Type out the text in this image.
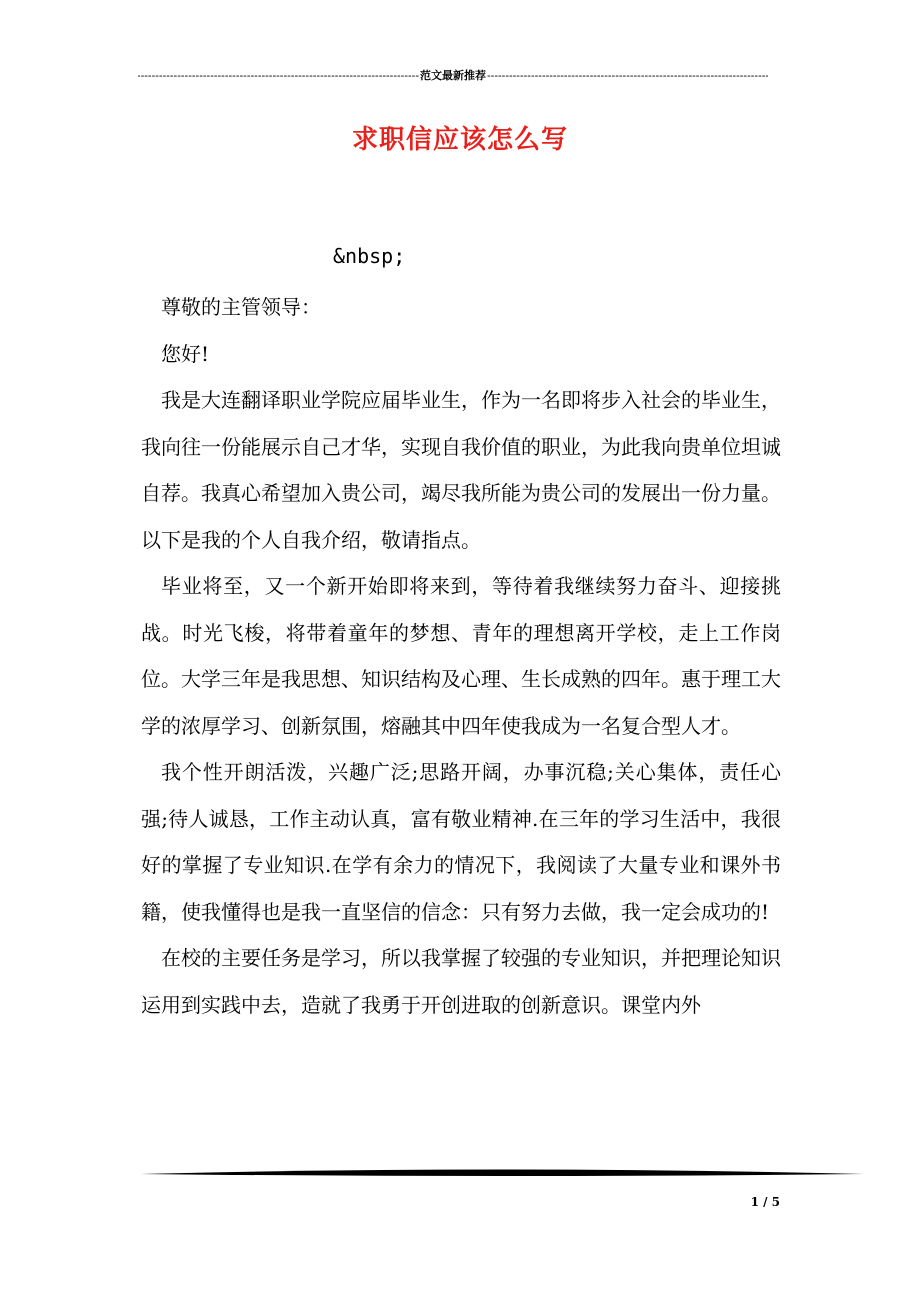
-----
范文最新推荐
-----
求职信应该怎么写
&nbsp;

尊敬的主管领导：

您好!

我是大连翻译职业学院应届毕业生，作为一名即将步入社会的毕业生，我向往一份能展示自己才华，实现自我价值的职业，为此我向贵单位坦诚自荐。我真心希望加入贵公司，竭尽我所能为贵公司的发展出一份力量。以下是我的个人自我介绍，敬请指点。

毕业将至，又一个新开始即将来到，等待着我继续努力奋斗、迎接挑战。时光飞梭，将带着童年的梦想、青年的理想离开学校，走上工作岗位。大学三年是我思想、知识结构及心理、生长成熟的四年。惠于理工大学的浓厚学习、创新氛围，熔融其中四年使我成为一名复合型人才。

我个性开朗活泼，兴趣广泛;思路开阔，办事沉稳;关心集体，责任心强;待人诚恳，工作主动认真，富有敬业精神.在三年的学习生活中，我很好的掌握了专业知识.在学有余力的情况下，我阅读了大量专业和课外书籍，使我懂得也是我一直坚信的信念：只有努力去做，我一定会成功的!

在校的主要任务是学习，所以我掌握了较强的专业知识，并把理论知识运用到实践中去，造就了我勇于开创进取的创新意识。课堂内外

1 / 5
